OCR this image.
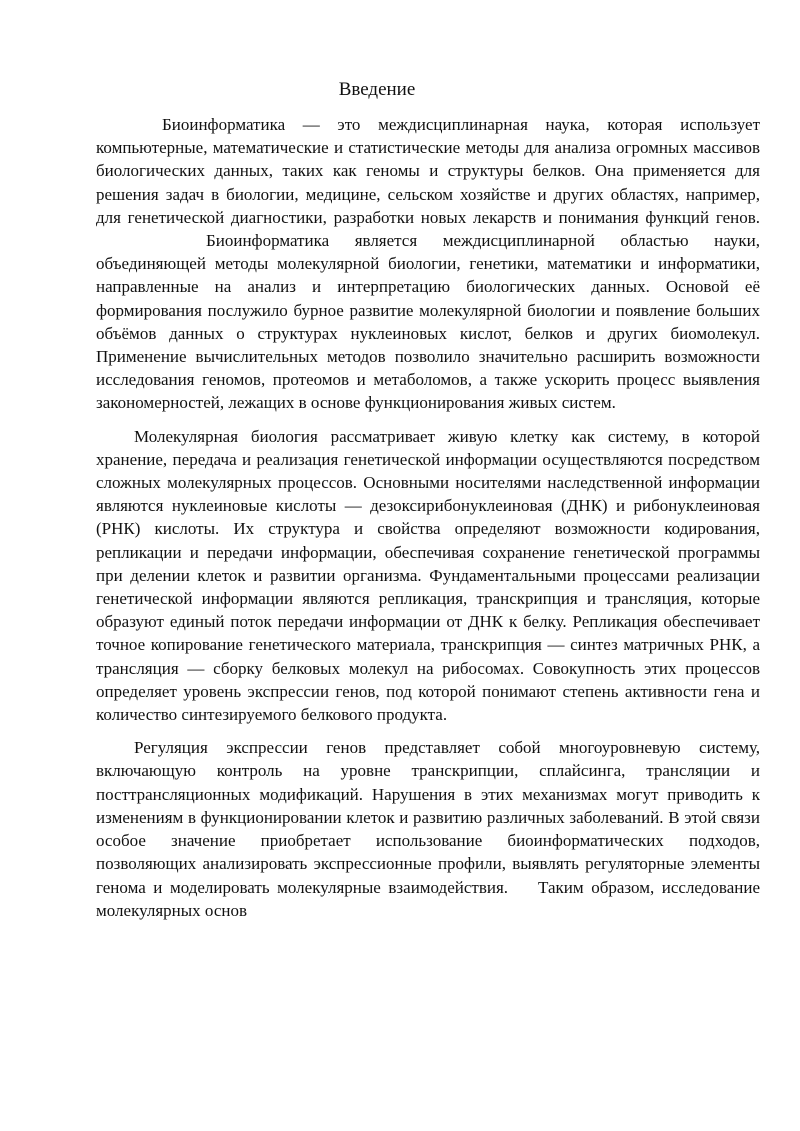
Введение

Биоинформатика — это междисциплинарная наука, которая использует компьютерные, математические и статистические методы для анализа огромных массивов биологических данных, таких как геномы и структуры белков. Она применяется для решения задач в биологии, медицине, сельском хозяйстве и других областях, например, для генетической диагностики, разработки новых лекарств и понимания функций генов.Биоинформатика является междисциплинарной областью науки, объединяющей методы молекулярной биологии, генетики, математики и информатики, направленные на анализ и интерпретацию биологических данных. Основой её формирования послужило бурное развитие молекулярной биологии и появление больших объёмов данных о структурах нуклеиновых кислот, белков и других биомолекул. Применение вычислительных методов позволило значительно расширить возможности исследования геномов, протеомов и метаболомов, а также ускорить процесс выявления закономерностей, лежащих в основе функционирования живых систем.

Молекулярная биология рассматривает живую клетку как систему, в которой хранение, передача и реализация генетической информации осуществляются посредством сложных молекулярных процессов. Основными носителями наследственной информации являются нуклеиновые кислоты — дезоксирибонуклеиновая (ДНК) и рибонуклеиновая (РНК) кислоты. Их структура и свойства определяют возможности кодирования, репликации и передачи информации, обеспечивая сохранение генетической программы при делении клеток и развитии организма. Фундаментальными процессами реализации генетической информации являются репликация, транскрипция и трансляция, которые образуют единый поток передачи информации от ДНК к белку. Репликация обеспечивает точное копирование генетического материала, транскрипция — синтез матричных РНК, а трансляция — сборку белковых молекул на рибосомах. Совокупность этих процессов определяет уровень экспрессии генов, под которой понимают степень активности гена и количество синтезируемого белкового продукта.

Регуляция экспрессии генов представляет собой многоуровневую систему, включающую контроль на уровне транскрипции, сплайсинга, трансляции и посттрансляционных модификаций. Нарушения в этих механизмах могут приводить к изменениям в функционировании клеток и развитию различных заболеваний. В этой связи особое значение приобретает использование биоинформатических подходов, позволяющих анализировать экспрессионные профили, выявлять регуляторные элементы генома и моделировать молекулярные взаимодействия. Таким образом, исследование молекулярных основ
